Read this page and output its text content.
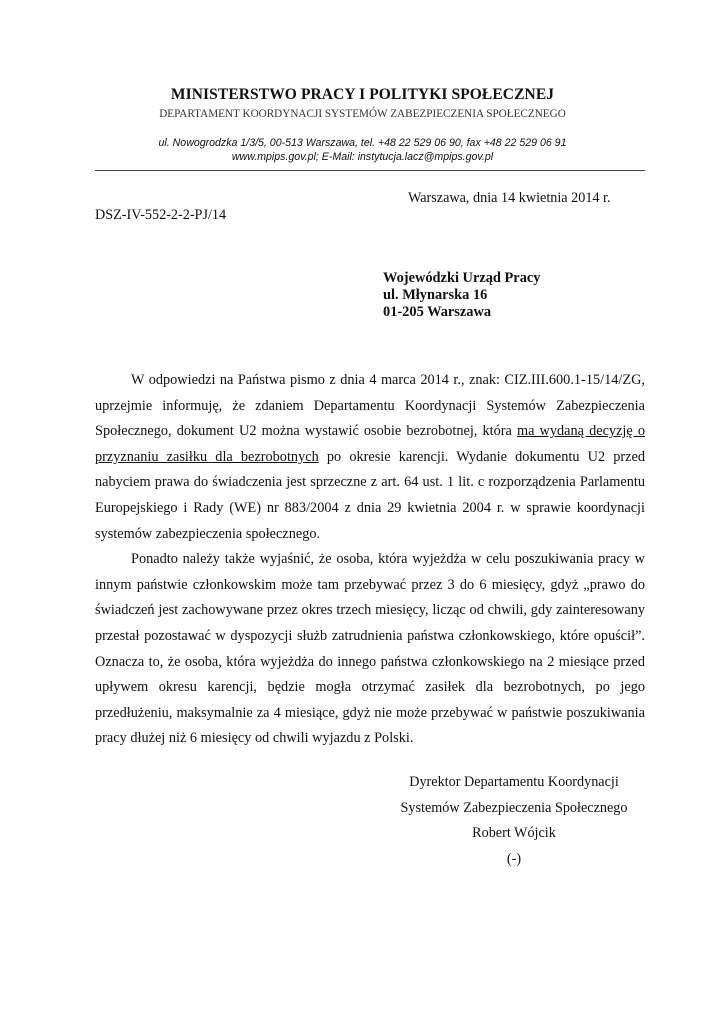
MINISTERSTWO PRACY I POLITYKI SPOŁECZNEJ
DEPARTAMENT KOORDYNACJI SYSTEMÓW ZABEZPIECZENIA SPOŁECZNEGO
ul. Nowogrodzka 1/3/5, 00-513 Warszawa, tel. +48 22 529 06 90, fax +48 22 529 06 91
www.mpips.gov.pl; E-Mail: instytucja.lacz@mpips.gov.pl
Warszawa, dnia 14 kwietnia 2014 r.
DSZ-IV-552-2-2-PJ/14
Wojewódzki Urząd Pracy
ul. Młynarska 16
01-205 Warszawa

W odpowiedzi na Państwa pismo z dnia 4 marca 2014 r., znak: CIZ.III.600.1-15/14/ZG, uprzejmie informuję, że zdaniem Departamentu Koordynacji Systemów Zabezpieczenia Społecznego, dokument U2 można wystawić osobie bezrobotnej, która ma wydaną decyzję o przyznaniu zasiłku dla bezrobotnych po okresie karencji. Wydanie dokumentu U2 przed nabyciem prawa do świadczenia jest sprzeczne z art. 64 ust. 1 lit. c rozporządzenia Parlamentu Europejskiego i Rady (WE) nr 883/2004 z dnia 29 kwietnia 2004 r. w sprawie koordynacji systemów zabezpieczenia społecznego.

Ponadto należy także wyjaśnić, że osoba, która wyjeżdża w celu poszukiwania pracy w innym państwie członkowskim może tam przebywać przez 3 do 6 miesięcy, gdyż „prawo do świadczeń jest zachowywane przez okres trzech miesięcy, licząc od chwili, gdy zainteresowany przestał pozostawać w dyspozycji służb zatrudnienia państwa członkowskiego, które opuścił”. Oznacza to, że osoba, która wyjeżdża do innego państwa członkowskiego na 2 miesiące przed upływem okresu karencji, będzie mogła otrzymać zasiłek dla bezrobotnych, po jego przedłużeniu, maksymalnie za 4 miesiące, gdyż nie może przebywać w państwie poszukiwania pracy dłużej niż 6 miesięcy od chwili wyjazdu z Polski.

Dyrektor Departamentu Koordynacji
Systemów Zabezpieczenia Społecznego
Robert Wójcik
(-)
